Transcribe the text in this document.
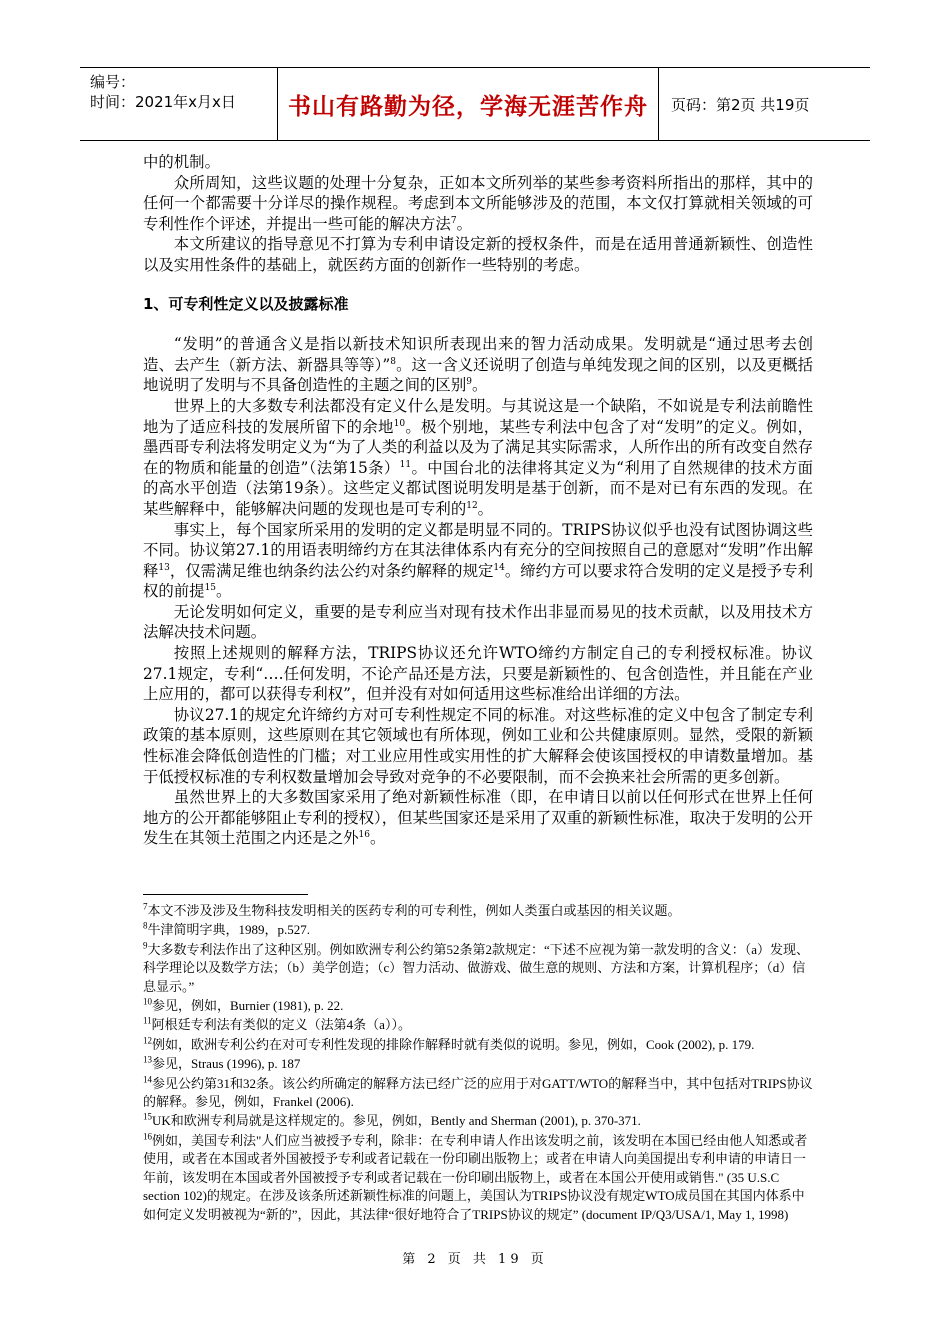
编号：
时间：2021年x月x日	书山有路勤为径，学海无涯苦作舟	页码：第2页 共19页

中的机制。

众所周知，这些议题的处理十分复杂，正如本文所列举的某些参考资料所指出的那样，其中的任何一个都需要十分详尽的操作规程。考虑到本文所能够涉及的范围，本文仅打算就相关领域的可专利性作个评述，并提出一些可能的解决方法$^7$。

本文所建议的指导意见不打算为专利申请设定新的授权条件，而是在适用普通新颖性、创造性以及实用性条件的基础上，就医药方面的创新作一些特别的考虑。

1、可专利性定义以及披露标准

“发明”的普通含义是指以新技术知识所表现出来的智力活动成果。发明就是“通过思考去创造、去产生（新方法、新器具等等）”$^8$。这一含义还说明了创造与单纯发现之间的区别，以及更概括地说明了发明与不具备创造性的主题之间的区别$^9$。

世界上的大多数专利法都没有定义什么是发明。与其说这是一个缺陷，不如说是专利法前瞻性地为了适应科技的发展所留下的余地$^{10}$。极个别地，某些专利法中包含了对“发明”的定义。例如，墨西哥专利法将发明定义为“为了人类的利益以及为了满足其实际需求，人所作出的所有改变自然存在的物质和能量的创造”（法第15条）$^{11}$。中国台北的法律将其定义为“利用了自然规律的技术方面的高水平创造（法第19条）。这些定义都试图说明发明是基于创新，而不是对已有东西的发现。在某些解释中，能够解决问题的发现也是可专利的$^{12}$。

事实上，每个国家所采用的发明的定义都是明显不同的。TRIPS协议似乎也没有试图协调这些不同。协议第27.1的用语表明缔约方在其法律体系内有充分的空间按照自己的意愿对“发明”作出解释$^{13}$，仅需满足维也纳条约法公约对条约解释的规定$^{14}$。缔约方可以要求符合发明的定义是授予专利权的前提$^{15}$。

无论发明如何定义，重要的是专利应当对现有技术作出非显而易见的技术贡献，以及用技术方法解决技术问题。

按照上述规则的解释方法，TRIPS协议还允许WTO缔约方制定自己的专利授权标准。协议27.1规定，专利“….任何发明，不论产品还是方法，只要是新颖性的、包含创造性，并且能在产业上应用的，都可以获得专利权”，但并没有对如何适用这些标准给出详细的方法。

协议27.1的规定允许缔约方对可专利性规定不同的标准。对这些标准的定义中包含了制定专利政策的基本原则，这些原则在其它领域也有所体现，例如工业和公共健康原则。显然，受限的新颖性标准会降低创造性的门槛；对工业应用性或实用性的扩大解释会使该国授权的申请数量增加。基于低授权标准的专利权数量增加会导致对竞争的不必要限制，而不会换来社会所需的更多创新。

虽然世界上的大多数国家采用了绝对新颖性标准（即，在申请日以前以任何形式在世界上任何地方的公开都能够阻止专利的授权），但某些国家还是采用了双重的新颖性标准，取决于发明的公开发生在其领土范围之内还是之外$^{16}$。

$^7$本文不涉及涉及生物科技发明相关的医药专利的可专利性，例如人类蛋白或基因的相关议题。

$^8$牛津简明字典，1989，p.527.

$^9$大多数专利法作出了这种区别。例如欧洲专利公约第52条第2款规定：“下述不应视为第一款发明的含义：（a）发现、科学理论以及数学方法；（b）美学创造；（c）智力活动、做游戏、做生意的规则、方法和方案，计算机程序；（d）信息显示。”

$^{10}$参见，例如，Burnier (1981), p. 22.

$^{11}$阿根廷专利法有类似的定义（法第4条（a））。

$^{12}$例如，欧洲专利公约在对可专利性发现的排除作解释时就有类似的说明。参见，例如，Cook (2002), p. 179.

$^{13}$参见，Straus (1996), p. 187

$^{14}$参见公约第31和32条。该公约所确定的解释方法已经广泛的应用于对GATT/WTO的解释当中，其中包括对TRIPS协议的解释。参见，例如，Frankel (2006).

$^{15}$UK和欧洲专利局就是这样规定的。参见，例如，Bently and Sherman (2001), p. 370-371.

$^{16}$例如，美国专利法"人们应当被授予专利，除非：在专利申请人作出该发明之前，该发明在本国已经由他人知悉或者使用，或者在本国或者外国被授予专利或者记载在一份印刷出版物上；或者在申请人向美国提出专利申请的申请日一年前，该发明在本国或者外国被授予专利或者记载在一份印刷出版物上，或者在本国公开使用或销售." (35 U.S.C section 102)的规定。在涉及该条所述新颖性标准的问题上，美国认为TRIPS协议没有规定WTO成员国在其国内体系中如何定义发明被视为“新的”，因此，其法律“很好地符合了TRIPS协议的规定” (document IP/Q3/USA/1, May 1, 1998)

第 2 页 共 19 页
